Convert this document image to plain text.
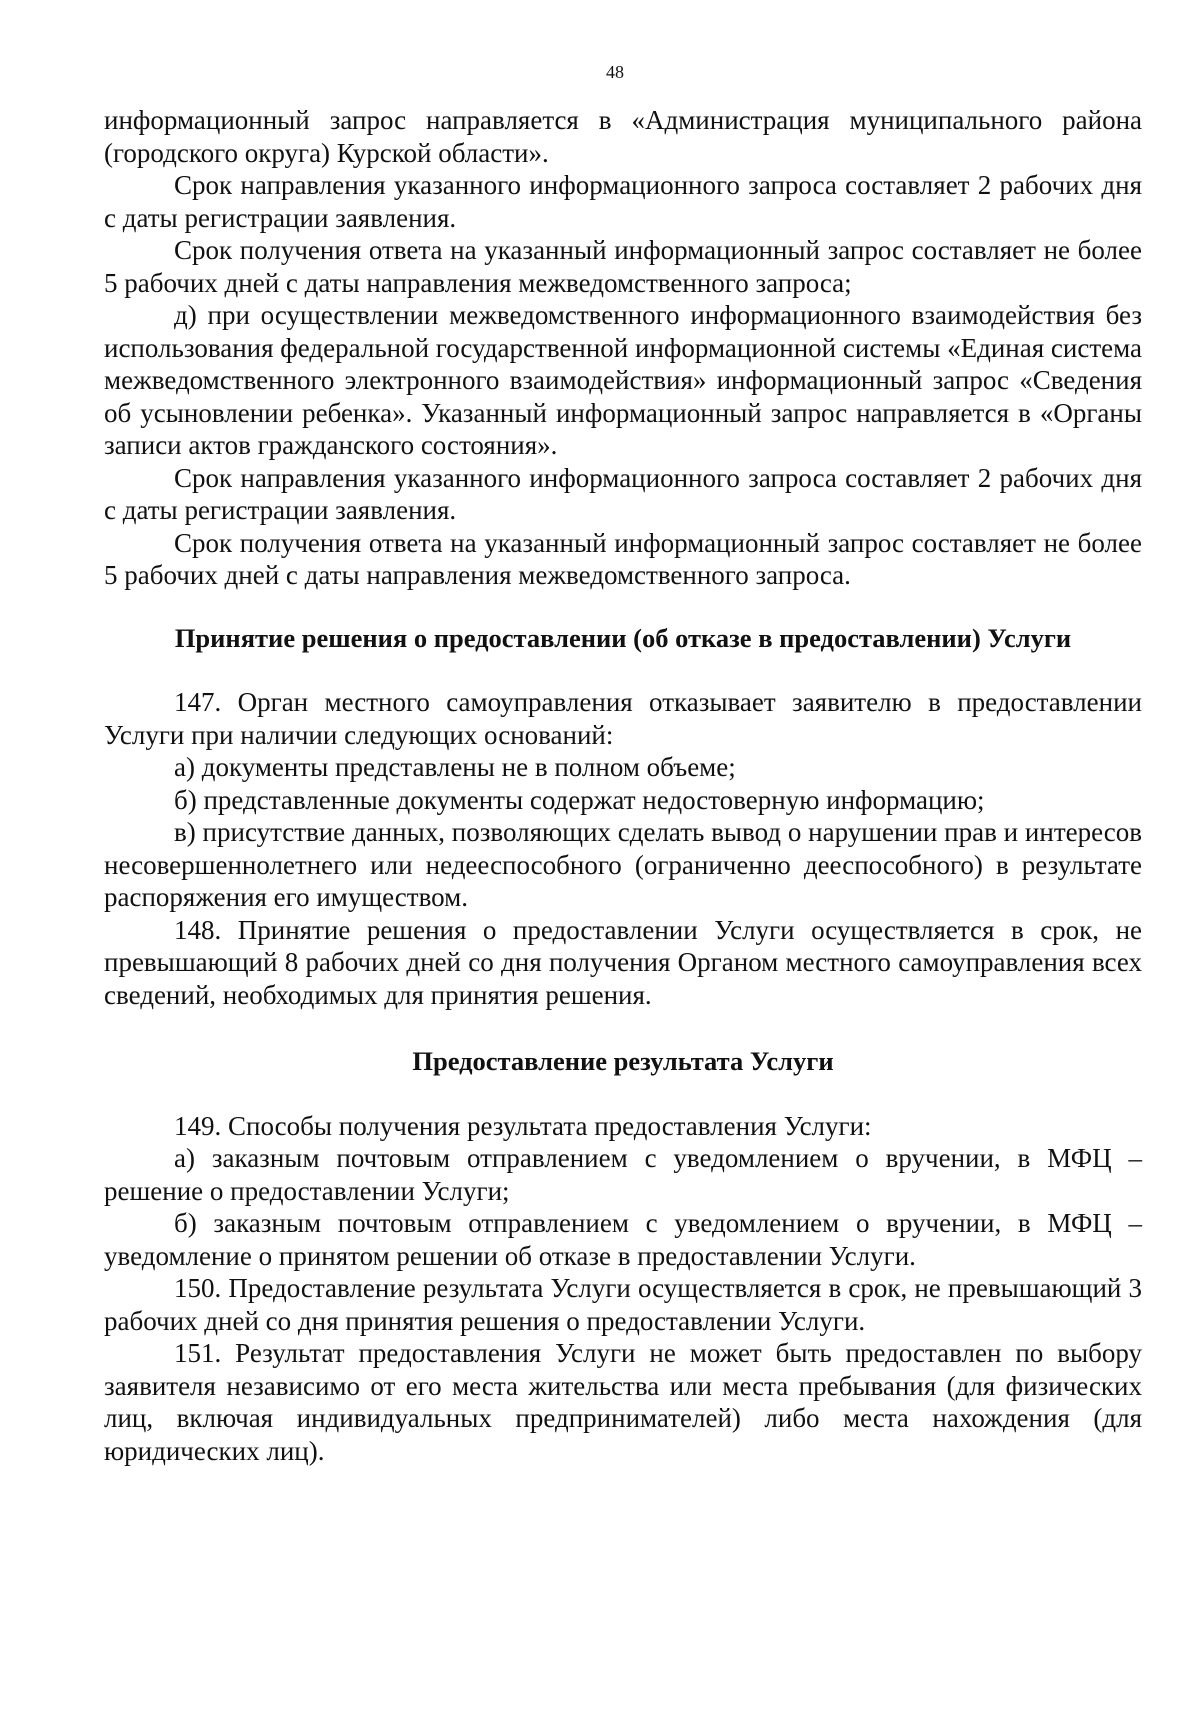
48

информационный запрос направляется в «Администрация муниципального района (городского округа) Курской области».

Срок направления указанного информационного запроса составляет 2 рабочих дня с даты регистрации заявления.

Срок получения ответа на указанный информационный запрос составляет не более 5 рабочих дней с даты направления межведомственного запроса;

д) при осуществлении межведомственного информационного взаимодействия без использования федеральной государственной информационной системы «Единая система межведомственного электронного взаимодействия» информационный запрос «Сведения об усыновлении ребенка». Указанный информационный запрос направляется в «Органы записи актов гражданского состояния».

Срок направления указанного информационного запроса составляет 2 рабочих дня с даты регистрации заявления.

Срок получения ответа на указанный информационный запрос составляет не более 5 рабочих дней с даты направления межведомственного запроса.

Принятие решения о предоставлении (об отказе в предоставлении) Услуги

147. Орган местного самоуправления отказывает заявителю в предоставлении Услуги при наличии следующих оснований:

а) документы представлены не в полном объеме;

б) представленные документы содержат недостоверную информацию;

в) присутствие данных, позволяющих сделать вывод о нарушении прав и интересов несовершеннолетнего или недееспособного (ограниченно дееспособного) в результате распоряжения его имуществом.

148. Принятие решения о предоставлении Услуги осуществляется в срок, не превышающий 8 рабочих дней со дня получения Органом местного самоуправления всех сведений, необходимых для принятия решения.

Предоставление результата Услуги

149. Способы получения результата предоставления Услуги:

а) заказным почтовым отправлением с уведомлением о вручении, в МФЦ – решение о предоставлении Услуги;

б) заказным почтовым отправлением с уведомлением о вручении, в МФЦ – уведомление о принятом решении об отказе в предоставлении Услуги.

150. Предоставление результата Услуги осуществляется в срок, не превышающий 3 рабочих дней со дня принятия решения о предоставлении Услуги.

151. Результат предоставления Услуги не может быть предоставлен по выбору заявителя независимо от его места жительства или места пребывания (для физических лиц, включая индивидуальных предпринимателей) либо места нахождения (для юридических лиц).
